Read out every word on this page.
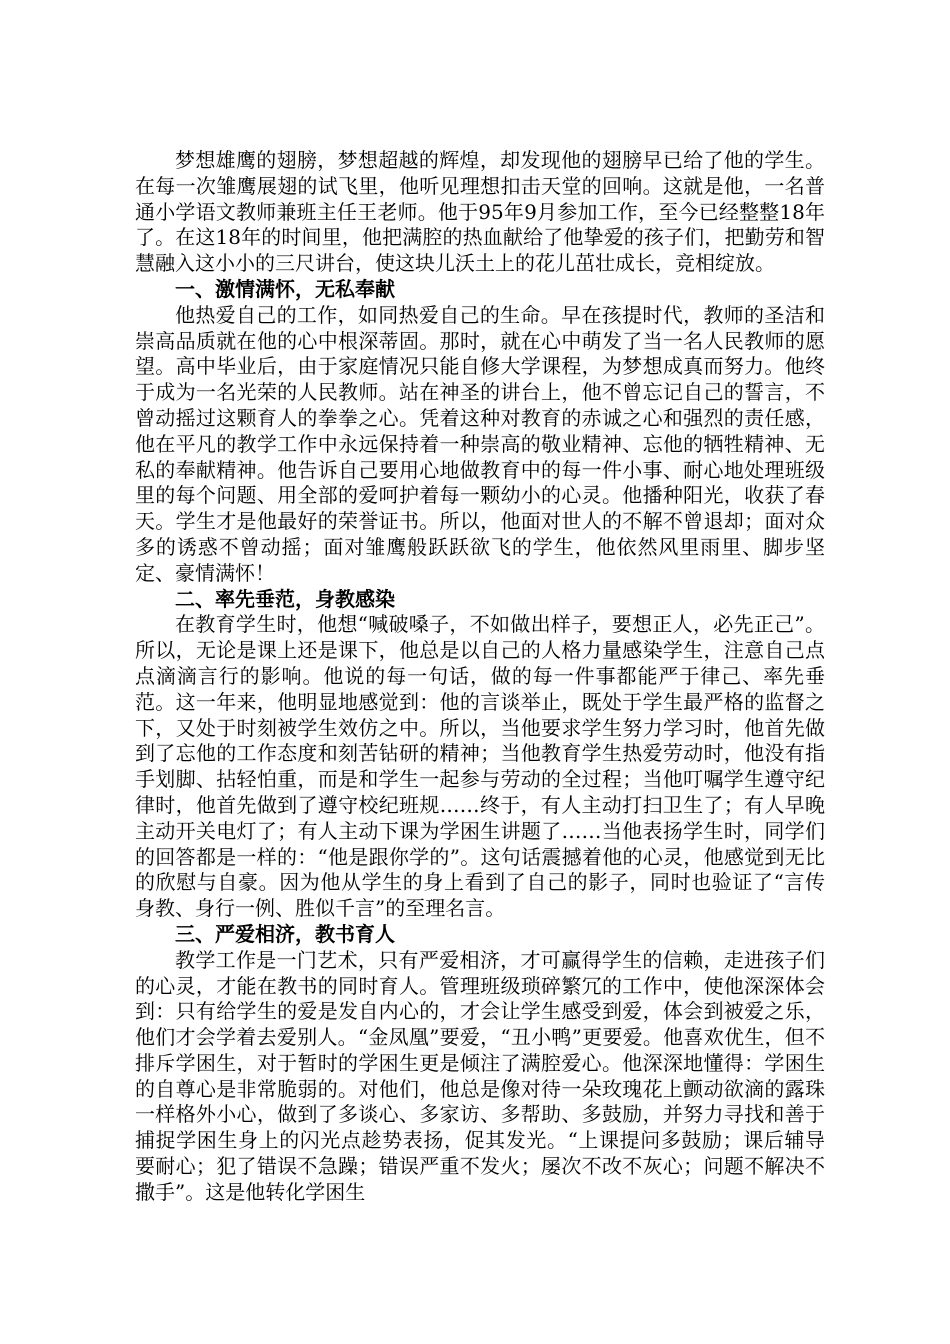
梦想雄鹰的翅膀，梦想超越的辉煌，却发现他的翅膀早已给了他的学生。在每一次雏鹰展翅的试飞里，他听见理想扣击天堂的回响。这就是他，一名普通小学语文教师兼班主任王老师。他于95年9月参加工作，至今已经整整18年了。在这18年的时间里，他把满腔的热血献给了他挚爱的孩子们，把勤劳和智慧融入这小小的三尺讲台，使这块儿沃土上的花儿茁壮成长，竞相绽放。

一、激情满怀，无私奉献

他热爱自己的工作，如同热爱自己的生命。早在孩提时代，教师的圣洁和崇高品质就在他的心中根深蒂固。那时，就在心中萌发了当一名人民教师的愿望。高中毕业后，由于家庭情况只能自修大学课程，为梦想成真而努力。他终于成为一名光荣的人民教师。站在神圣的讲台上，他不曾忘记自己的誓言，不曾动摇过这颗育人的拳拳之心。凭着这种对教育的赤诚之心和强烈的责任感，他在平凡的教学工作中永远保持着一种崇高的敬业精神、忘他的牺牲精神、无私的奉献精神。他告诉自己要用心地做教育中的每一件小事、耐心地处理班级里的每个问题、用全部的爱呵护着每一颗幼小的心灵。他播种阳光，收获了春天。学生才是他最好的荣誉证书。所以，他面对世人的不解不曾退却；面对众多的诱惑不曾动摇；面对雏鹰般跃跃欲飞的学生，他依然风里雨里、脚步坚定、豪情满怀！

二、率先垂范，身教感染

在教育学生时，他想“喊破嗓子，不如做出样子，要想正人，必先正己”。所以，无论是课上还是课下，他总是以自己的人格力量感染学生，注意自己点点滴滴言行的影响。他说的每一句话，做的每一件事都能严于律己、率先垂范。这一年来，他明显地感觉到：他的言谈举止，既处于学生最严格的监督之下，又处于时刻被学生效仿之中。所以，当他要求学生努力学习时，他首先做到了忘他的工作态度和刻苦钻研的精神；当他教育学生热爱劳动时，他没有指手划脚、拈轻怕重，而是和学生一起参与劳动的全过程；当他叮嘱学生遵守纪律时，他首先做到了遵守校纪班规……终于，有人主动打扫卫生了；有人早晚主动开关电灯了；有人主动下课为学困生讲题了……当他表扬学生时，同学们的回答都是一样的：“他是跟你学的”。这句话震撼着他的心灵，他感觉到无比的欣慰与自豪。因为他从学生的身上看到了自己的影子，同时也验证了“言传身教、身行一例、胜似千言”的至理名言。

三、严爱相济，教书育人

教学工作是一门艺术，只有严爱相济，才可赢得学生的信赖，走进孩子们的心灵，才能在教书的同时育人。管理班级琐碎繁冗的工作中，使他深深体会到：只有给学生的爱是发自内心的，才会让学生感受到爱，体会到被爱之乐，他们才会学着去爱别人。“金凤凰”要爱，“丑小鸭”更要爱。他喜欢优生，但不排斥学困生，对于暂时的学困生更是倾注了满腔爱心。他深深地懂得：学困生的自尊心是非常脆弱的。对他们，他总是像对待一朵玫瑰花上颤动欲滴的露珠一样格外小心，做到了多谈心、多家访、多帮助、多鼓励，并努力寻找和善于捕捉学困生身上的闪光点趁势表扬，促其发光。“上课提问多鼓励；课后辅导要耐心；犯了错误不急躁；错误严重不发火；屡次不改不灰心；问题不解决不撒手”。这是他转化学困生
